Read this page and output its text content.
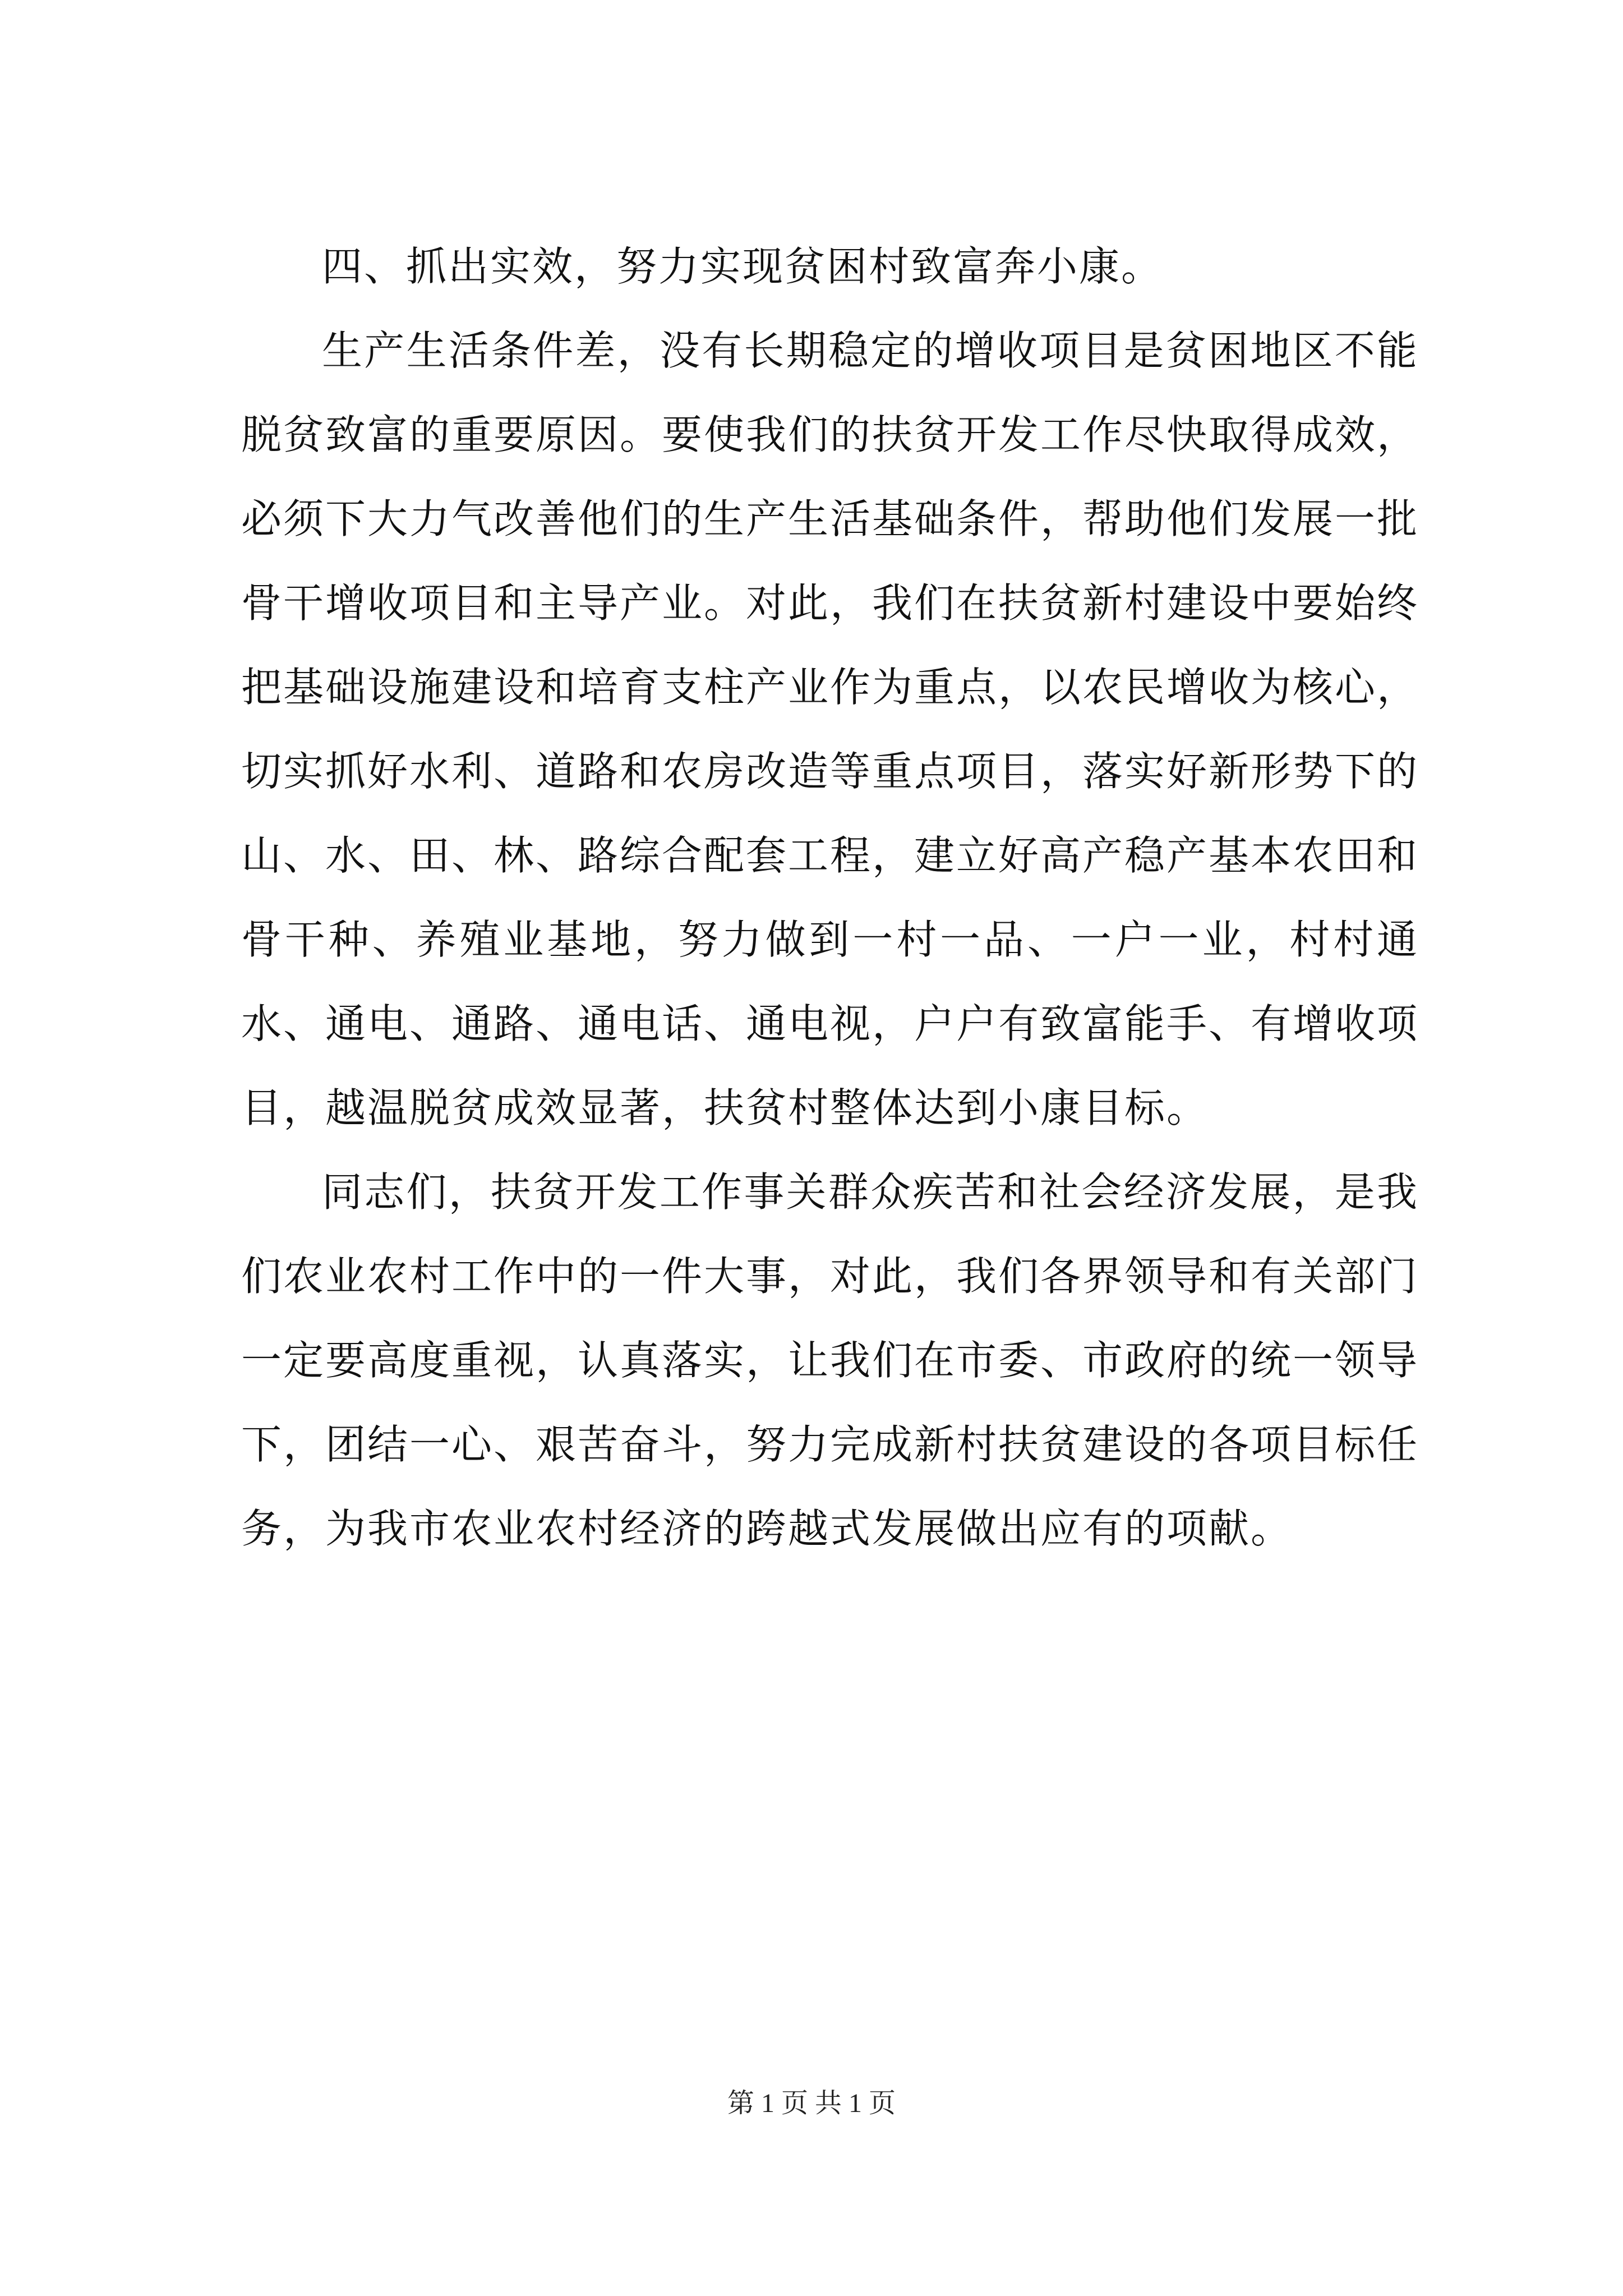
四、抓出实效，努力实现贫困村致富奔小康。

生产生活条件差，没有长期稳定的增收项目是贫困地区不能脱贫致富的重要原因。要使我们的扶贫开发工作尽快取得成效，必须下大力气改善他们的生产生活基础条件，帮助他们发展一批骨干增收项目和主导产业。对此，我们在扶贫新村建设中要始终把基础设施建设和培育支柱产业作为重点，以农民增收为核心，切实抓好水利、道路和农房改造等重点项目，落实好新形势下的山、水、田、林、路综合配套工程，建立好高产稳产基本农田和骨干种、养殖业基地，努力做到一村一品、一户一业，村村通水、通电、通路、通电话、通电视，户户有致富能手、有增收项目，越温脱贫成效显著，扶贫村整体达到小康目标。

同志们，扶贫开发工作事关群众疾苦和社会经济发展，是我们农业农村工作中的一件大事，对此，我们各界领导和有关部门一定要高度重视，认真落实，让我们在市委、市政府的统一领导下，团结一心、艰苦奋斗，努力完成新村扶贫建设的各项目标任务，为我市农业农村经济的跨越式发展做出应有的项献。

第 1 页 共 1 页
